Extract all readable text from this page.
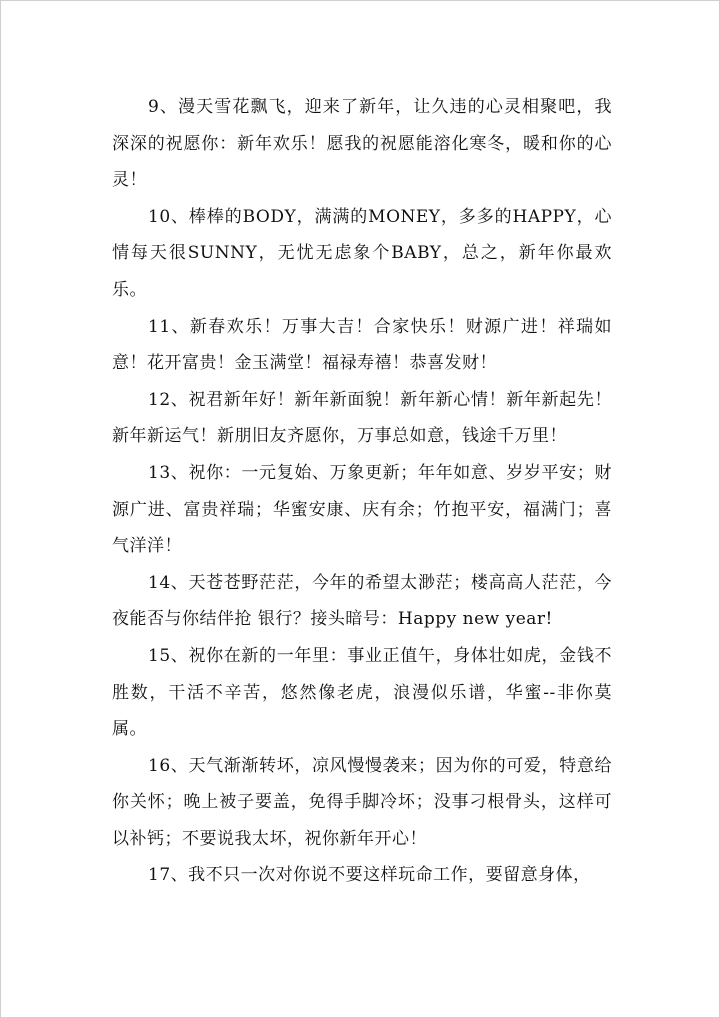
9、漫天雪花飘飞，迎来了新年，让久违的心灵相聚吧，我深深的祝愿你：新年欢乐！愿我的祝愿能溶化寒冬，暖和你的心灵！

10、棒棒的BODY，满满的MONEY，多多的HAPPY，心情每天很SUNNY，无忧无虑象个BABY，总之，新年你最欢乐。

11、新春欢乐！万事大吉！合家快乐！财源广进！祥瑞如意！花开富贵！金玉满堂！福禄寿禧！恭喜发财！

12、祝君新年好！新年新面貌！新年新心情！新年新起先！新年新运气！新朋旧友齐愿你，万事总如意，钱途千万里！

13、祝你：一元复始、万象更新；年年如意、岁岁平安；财源广进、富贵祥瑞；华蜜安康、庆有余；竹抱平安，福满门；喜气洋洋！

14、天苍苍野茫茫，今年的希望太渺茫；楼高高人茫茫，今夜能否与你结伴抢 银行？接头暗号：Happy new year!

15、祝你在新的一年里：事业正值午，身体壮如虎，金钱不胜数，干活不辛苦，悠然像老虎，浪漫似乐谱，华蜜--非你莫属。

16、天气渐渐转坏，凉风慢慢袭来；因为你的可爱，特意给你关怀；晚上被子要盖，免得手脚冷坏；没事刁根骨头，这样可以补钙；不要说我太坏，祝你新年开心！

17、我不只一次对你说不要这样玩命工作，要留意身体，
